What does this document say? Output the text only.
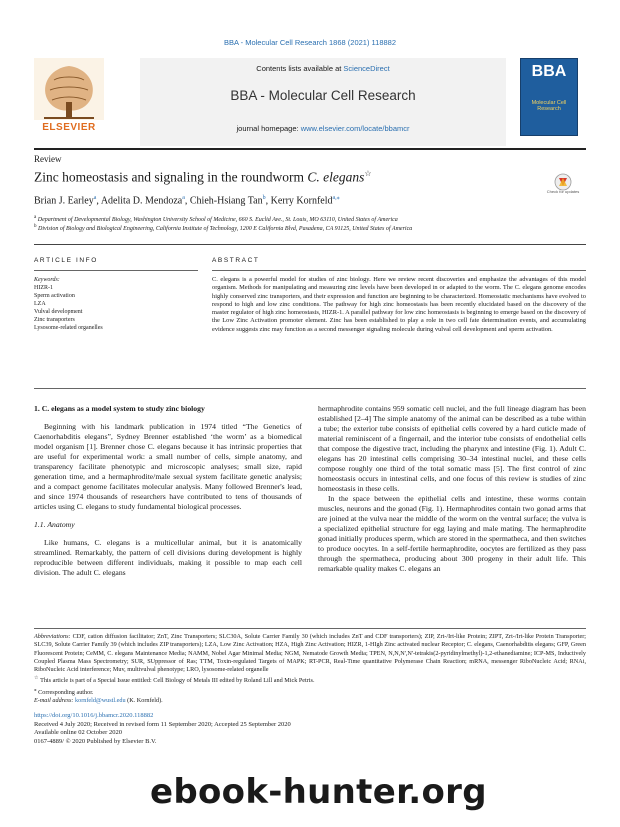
BBA - Molecular Cell Research 1868 (2021) 118882
Contents lists available at ScienceDirect
BBA - Molecular Cell Research
journal homepage: www.elsevier.com/locate/bbamcr
ELSEVIER
BBA
Molecular Cell Research
Review
Zinc homeostasis and signaling in the roundworm C. elegans☆
Check for updates
Brian J. Earley$^a$, Adelita D. Mendoza$^a$, Chieh-Hsiang Tan$^b$, Kerry Kornfeld$^{a,⁎}$
$^a$ Department of Developmental Biology, Washington University School of Medicine, 660 S. Euclid Ave., St. Louis, MO 63110, United States of America
$^b$ Division of Biology and Biological Engineering, California Institute of Technology, 1200 E California Blvd, Pasadena, CA 91125, United States of America
ARTICLE INFO	ABSTRACT
Keywords:
HIZR-1
Sperm activation
LZA
Vulval development
Zinc transporters
Lysosome-related organelles
C. elegans is a powerful model for studies of zinc biology. Here we review recent discoveries and emphasize the advantages of this model organism. Methods for manipulating and measuring zinc levels have been developed in or adapted to the worm. The C. elegans genome encodes highly conserved zinc transporters, and their expression and function are beginning to be characterized. Homeostatic mechanisms have evolved to respond to high and low zinc conditions. The pathway for high zinc homeostasis has been recently elucidated based on the discovery of the master regulator of high zinc homeostasis, HIZR-1. A parallel pathway for low zinc homeostasis is beginning to emerge based on the discovery of the Low Zinc Activation promoter element. Zinc has been established to play a role in two cell fate determination events, and accumulating evidence suggests zinc may function as a second messenger signaling molecule during vulval cell development and sperm activation.
1. C. elegans as a model system to study zinc biology

Beginning with his landmark publication in 1974 titled “The Genetics of Caenorhabditis elegans”, Sydney Brenner established ‘the worm’ as a biomedical model organism [1]. Brenner chose C. elegans because it has intrinsic properties that are useful for experimental work: a small number of cells, simple anatomy, and transparency facilitate phenotypic and microscopic analyses; small size, rapid generation time, and a hermaphrodite/male sexual system facilitate genetic analysis; and a compact genome facilitates molecular analysis. Many followed Brenner's lead, and since 1974 thousands of researchers have contributed to tens of thousands of articles using C. elegans to study fundamental biological processes.

1.1. Anatomy

Like humans, C. elegans is a multicellular animal, but it is anatomically streamlined. Remarkably, the pattern of cell divisions during development is highly reproducible between different individuals, making it possible to map each cell division. The adult C. elegans

hermaphrodite contains 959 somatic cell nuclei, and the full lineage diagram has been established [2–4] The simple anatomy of the animal can be described as a tube within a tube; the exterior tube consists of epithelial cells covered by a hard cuticle made of material reminiscent of a fingernail, and the interior tube consists of endothelial cells that compose the digestive tract, including the pharynx and intestine (Fig. 1). Adult C. elegans has 20 intestinal cells comprising 30–34 intestinal nuclei, and these cells compose roughly one third of the total somatic mass [5]. The first control of zinc homeostasis occurs in intestinal cells, and one focus of this review is studies of zinc homeostasis in these cells.

In the space between the epithelial cells and intestine, these worms contain muscles, neurons and the gonad (Fig. 1). Hermaphrodites contain two gonad arms that are joined at the vulva near the middle of the worm on the ventral surface; the vulva is a specialized epithelial structure for egg laying and male mating. The hermaphrodite gonad initially produces sperm, which are stored in the spermatheca, and then switches to produce oocytes. In a self-fertile hermaphrodite, oocytes are fertilized as they pass through the spermatheca, producing about 300 progeny in their adult life. This remarkable quality makes C. elegans an

Abbreviations: CDF, cation diffusion facilitator; ZnT, Zinc Transporters; SLC30A, Solute Carrier Family 30 (which includes ZnT and CDF transporters); ZIP, Zrt-/Irt-like Protein; ZIPT, Zrt-/Irt-like Protein Transporter; SLC39, Solute Carrier Family 39 (which includes ZIP transporters); LZA, Low Zinc Activation; HZA, High Zinc Activation; HIZR, 1-HIgh Zinc activated nuclear Receptor; C. elegans, Caenorhabditis elegans; GFP, Green Fluorescent Protein; CeMM, C. elegans Maintenance Media; NAMM, Nobel Agar Minimal Media; NGM, Nematode Growth Media; TPEN, N,N,N',N'-tetrakis(2-pyridinylmethyl)-1,2-ethanediamine; ICP-MS, Inductively Coupled Plasma Mass Spectrometry; SUR, SUppressor of Ras; TTM, Toxin-regulated Targets of MAPK; RT-PCR, Real-Time quantitative Polymerase Chain Reaction; mRNA, messenger RiboNucleic Acid; RNAi, RiboNucleic Acid interference; Muv, multivulval phenotype; LRO, lysosome-related organelle

☆ This article is part of a Special Issue entitled: Cell Biology of Metals III edited by Roland Lill and Mick Petris.

⁎ Corresponding author.

E-mail address: kornfeld@wustl.edu (K. Kornfeld).

https://doi.org/10.1016/j.bbamcr.2020.118882
Received 4 July 2020; Received in revised form 11 September 2020; Accepted 25 September 2020
Available online 02 October 2020
0167-4889/ © 2020 Published by Elsevier B.V.
ebook-hunter.org
